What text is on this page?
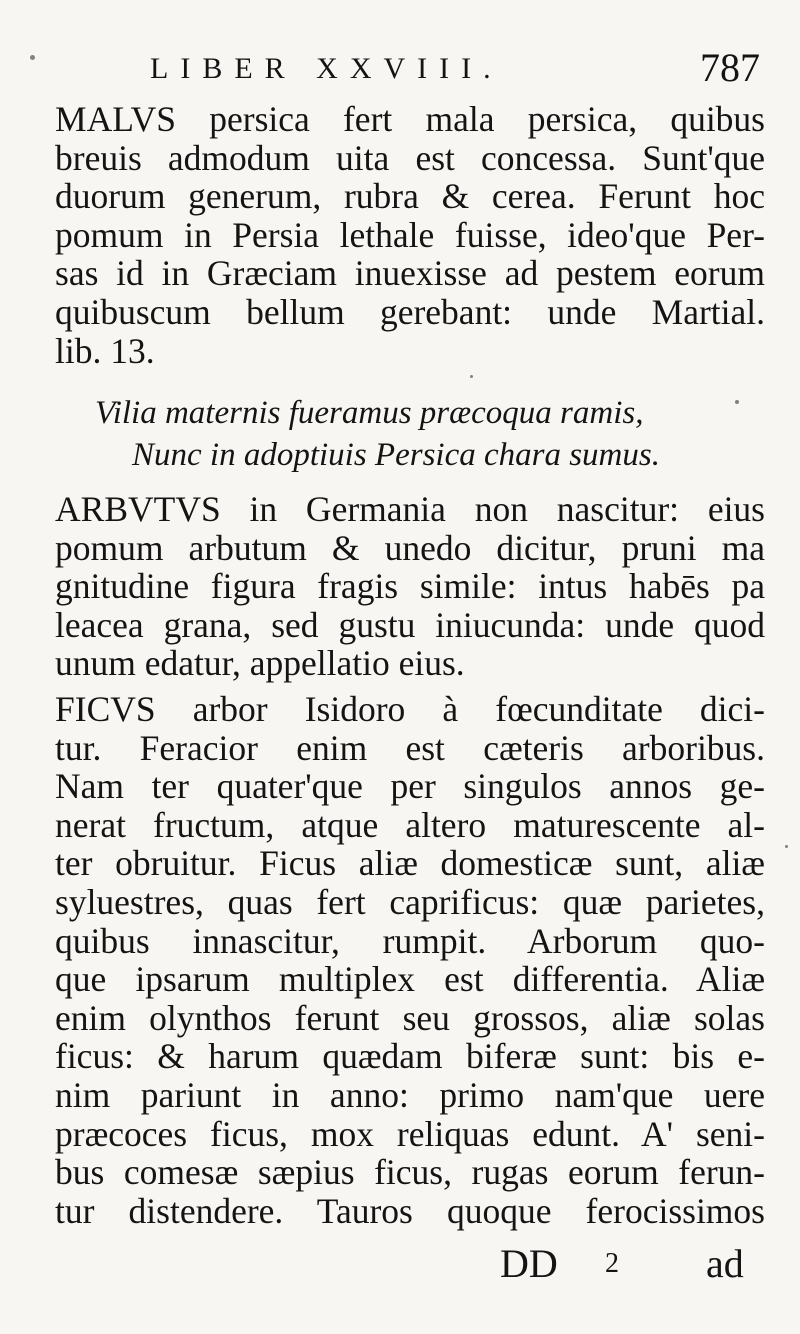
LIBER XXVIII.	787
MALVS persica fert mala persica, quibus
breuis admodum uita est concessa. Sunt'que
duorum generum, rubra & cerea. Ferunt hoc
pomum in Persia lethale fuisse, ideo'que Per-
sas id in Græciam inuexisse ad pestem eorum
quibuscum bellum gerebant: unde Martial.
lib. 13.
Vilia maternis fueramus præcoqua ramis,
Nunc in adoptiuis Persica chara sumus.
ARBVTVS in Germania non nascitur: eius
pomum arbutum & unedo dicitur, pruni ma
gnitudine figura fragis simile: intus habēs pa
leacea grana, sed gustu iniucunda: unde quod
unum edatur, appellatio eius.
FICVS arbor Isidoro à fœcunditate dici-
tur. Feracior enim est cæteris arboribus.
Nam ter quater'que per singulos annos ge-
nerat fructum, atque altero maturescente al-
ter obruitur. Ficus aliæ domesticæ sunt, aliæ
syluestres, quas fert caprificus: quæ parietes,
quibus innascitur, rumpit. Arborum quo-
que ipsarum multiplex est differentia. Aliæ
enim olynthos ferunt seu grossos, aliæ solas
ficus: & harum quædam biferæ sunt: bis e-
nim pariunt in anno: primo nam'que uere
præcoces ficus, mox reliquas edunt. A' seni-
bus comesæ sæpius ficus, rugas eorum ferun-
tur distendere. Tauros quoque ferocissimos
DD 2 ad
